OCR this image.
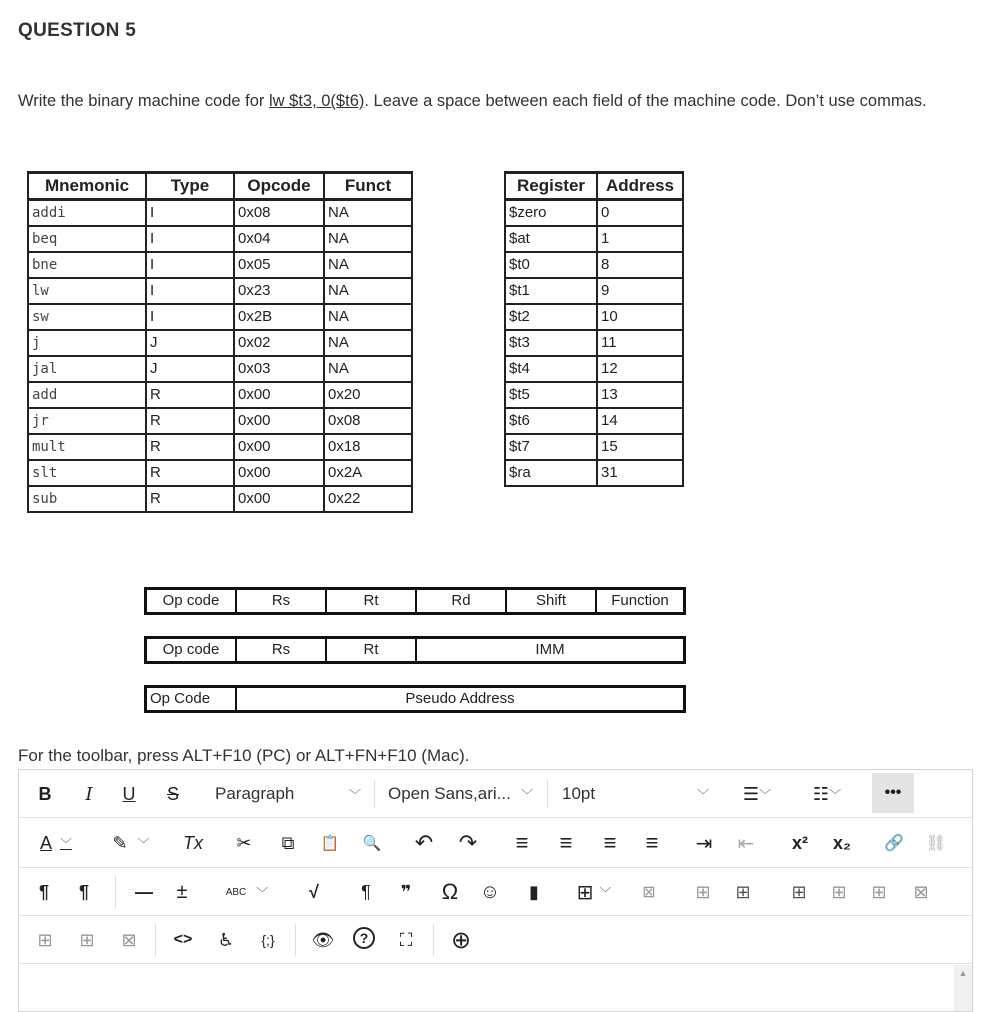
QUESTION 5
Write the binary machine code for lw $t3, 0($t6). Leave a space between each field of the machine code. Don’t use commas.
Mnemonic	Type	Opcode	Funct
addi	I	0x08	NA
beq	I	0x04	NA
bne	I	0x05	NA
lw	I	0x23	NA
sw	I	0x2B	NA
j	J	0x02	NA
jal	J	0x03	NA
add	R	0x00	0x20
jr	R	0x00	0x08
mult	R	0x00	0x18
slt	R	0x00	0x2A
sub	R	0x00	0x22
Register	Address
$zero	0
$at	1
$t0	8
$t1	9
$t2	10
$t3	11
$t4	12
$t5	13
$t6	14
$t7	15
$ra	31
Op code	Rs	Rt	Rd	Shift	Function
Op code	Rs	Rt	IMM
Op Code	Pseudo Address
For the toolbar, press ALT+F10 (PC) or ALT+FN+F10 (Mac).
B	I	U	S	Paragraph	﹀ Open Sans,ari... ﹀ 10pt	﹀ ☰ ﹀ ☷ ﹀	•••
A ﹀ ✎ ﹀ Tx ✂ ⧉ 📋 🔍 ↶ ↷ ≡ ≡ ≡ ≡ ⇥ ⇤	x²	x₂	🔗 ⛓
¶ ¶	— ±	ABC ﹀ √ ¶ ❞ Ω ☺ ▮ ⊞ ﹀ ⊠ ⊞ ⊞ ⊞ ⊞ ⊞ ⊠
⊞ ⊞ ⊠ <> ♿ {;} 👁 ? ⛶ ⊕
▲
